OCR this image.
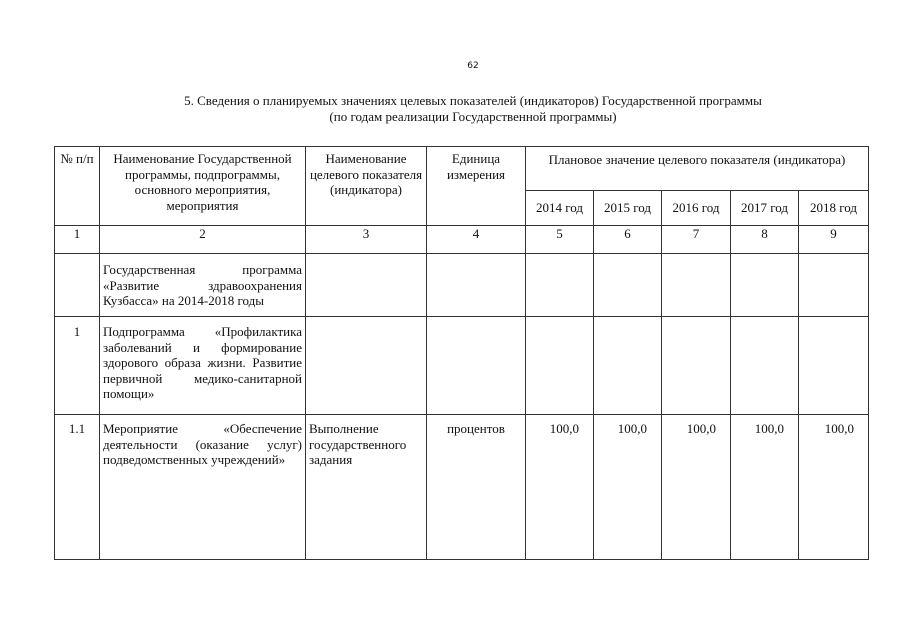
62
5. Сведения о планируемых значениях целевых показателей (индикаторов) Государственной программы
(по годам реализации Государственной программы)
№ п/п	Наименование Государственной программы, подпрограммы, основного мероприятия, мероприятия	Наименование целевого показателя (индикатора)	Единица измерения	Плановое значение целевого показателя (индикатора)				
				2014 год	2015 год	2016 год	2017 год	2018 год
1	2	3	4	5	6	7	8	9
	Государственная программа «Развитие здравоохранения Кузбасса» на 2014-2018 годы							
1	Подпрограмма «Профилактика заболеваний и формирование здорового образа жизни. Развитие первичной медико-санитарной помощи»							
1.1	Мероприятие «Обеспечение деятельности (оказание услуг) подведомственных учреждений»	Выполнение государственного задания	процентов	100,0	100,0	100,0	100,0	100,0
